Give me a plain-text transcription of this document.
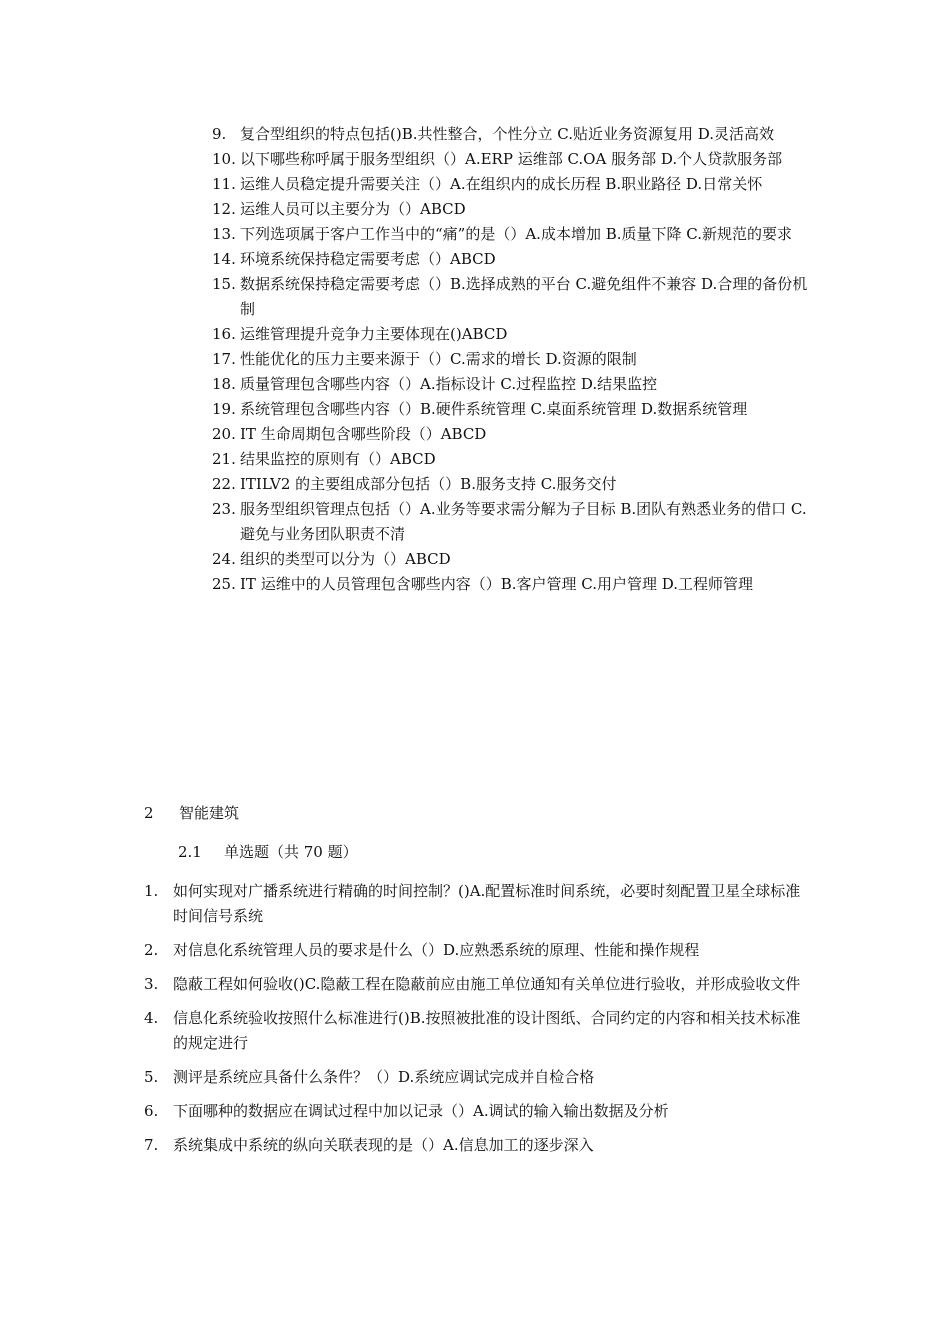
9. 复合型组织的特点包括()B.共性整合，个性分立 C.贴近业务资源复用 D.灵活高效
10. 以下哪些称呼属于服务型组织（）A.ERP 运维部 C.OA 服务部 D.个人贷款服务部
11. 运维人员稳定提升需要关注（）A.在组织内的成长历程 B.职业路径 D.日常关怀
12. 运维人员可以主要分为（）ABCD
13. 下列选项属于客户工作当中的“痛”的是（）A.成本增加 B.质量下降 C.新规范的要求
14. 环境系统保持稳定需要考虑（）ABCD
15. 数据系统保持稳定需要考虑（）B.选择成熟的平台 C.避免组件不兼容 D.合理的备份机制
16. 运维管理提升竞争力主要体现在()ABCD
17. 性能优化的压力主要来源于（）C.需求的增长 D.资源的限制
18. 质量管理包含哪些内容（）A.指标设计 C.过程监控 D.结果监控
19. 系统管理包含哪些内容（）B.硬件系统管理 C.桌面系统管理 D.数据系统管理
20. IT 生命周期包含哪些阶段（）ABCD
21. 结果监控的原则有（）ABCD
22. ITILV2 的主要组成部分包括（）B.服务支持 C.服务交付
23. 服务型组织管理点包括（）A.业务等要求需分解为子目标 B.团队有熟悉业务的借口 C.避免与业务团队职责不清
24. 组织的类型可以分为（）ABCD
25. IT 运维中的人员管理包含哪些内容（）B.客户管理 C.用户管理 D.工程师管理
2 智能建筑
2.1 单选题（共 70 题）
1. 如何实现对广播系统进行精确的时间控制？()A.配置标准时间系统，必要时刻配置卫星全球标准时间信号系统
2. 对信息化系统管理人员的要求是什么（）D.应熟悉系统的原理、性能和操作规程
3. 隐蔽工程如何验收()C.隐蔽工程在隐蔽前应由施工单位通知有关单位进行验收，并形成验收文件
4. 信息化系统验收按照什么标准进行()B.按照被批准的设计图纸、合同约定的内容和相关技术标准的规定进行
5. 测评是系统应具备什么条件？（）D.系统应调试完成并自检合格
6. 下面哪种的数据应在调试过程中加以记录（）A.调试的输入输出数据及分析
7. 系统集成中系统的纵向关联表现的是（）A.信息加工的逐步深入
